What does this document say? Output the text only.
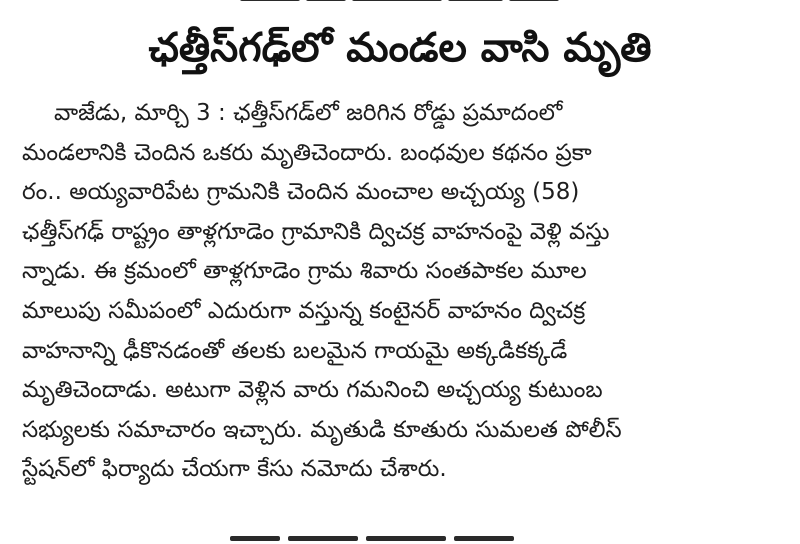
ఛత్తీస్‌గఢ్‌లో మండల వాసి మృతి
వాజేడు, మార్చి 3 : ఛత్తీస్‌గడ్‌లో జరిగిన రోడ్డు ప్రమాదంలో
మండలానికి చెందిన ఒకరు మృతిచెందారు. బంధవుల కథనం ప్రకా
రం.. అయ్యవారిపేట గ్రామనికి చెందిన మంచాల అచ్చయ్య (58)
ఛత్తీస్‌గఢ్ రాష్ట్రం తాళ్లగూడెం గ్రామానికి ద్విచక్ర వాహనంపై వెళ్లి వస్తు
న్నాడు. ఈ క్రమంలో తాళ్లగూడెం గ్రామ శివారు సంతపాకల మూల
మాలుపు సమీపంలో ఎదురుగా వస్తున్న కంటైనర్ వాహనం ద్విచక్ర
వాహనాన్ని ఢీకొనడంతో తలకు బలమైన గాయమై అక్కడికక్కడే
మృతిచెందాడు. అటుగా వెళ్లిన వారు గమనించి అచ్చయ్య కుటుంబ
సభ్యులకు సమాచారం ఇచ్చారు. మృతుడి కూతురు సుమలత పోలీస్
స్టేషన్‌లో ఫిర్యాదు చేయగా కేసు నమోదు చేశారు.
